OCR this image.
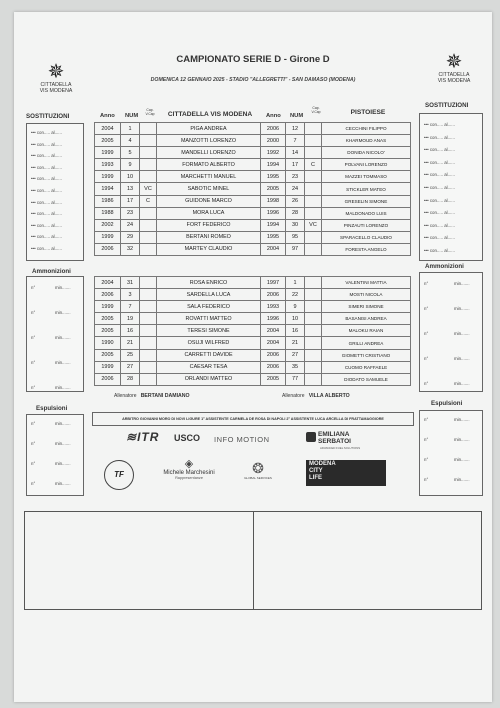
✵
CITTADELLA
VIS MODENA
✵
CITTADELLA
VIS MODENA
CAMPIONATO SERIE D - Girone D
DOMENICA 12 GENNAIO 2025 - STADIO "ALLEGRETTI" - SAN DAMASO (MODENA)
Anno NUM
Cap.
V.Cap	CITTADELLA VIS MODENA	Anno NUM
Cap.
V.Cap	PISTOIESE
SOSTITUZIONI
SOSTITUZIONI
••• con..... al......
••• con..... al......
••• con..... al......
••• con..... al......
••• con..... al......
••• con..... al......
••• con..... al......
••• con..... al......
••• con..... al......
••• con..... al......
••• con..... al......
••• con..... al......
••• con..... al......
••• con..... al......
••• con..... al......
••• con..... al......
••• con..... al......
••• con..... al......
••• con..... al......
••• con..... al......
••• con..... al......
••• con..... al......
2004	1		PIGA ANDREA	2006	12		CECCHINI FILIPPO
2005	4		MANZOTTI LORENZO	2000	7		KHARMOUD ANAS
1999	5		MANDELLI LORENZO	1992	14		DONIDA NICOLO'
1993	9		FORMATO ALBERTO	1994	17	C	POLVANI LORENZO
1999	10		MARCHETTI MANUEL	1995	23		MAZZEI TOMMASO
1994	13	VC	SABOTIC MINEL	2005	24		STICKLER MATEO
1986	17	C	GUIDONE MARCO	1998	26		GRESELIN SIMONE
1988	23		MORA LUCA	1996	28		MALDONADO LUIS
2002	24		FORT FEDERICO	1994	30	VC	PINZAUTI LORENZO
1999	29		BERTANI ROMEO	1995	95		SPARACELLO CLAUDIO
2006	32		MARTEY CLAUDIO	2004	97		FORESTA ANGELO
Ammonizioni
Ammonizioni
n°	min.......
n°	min.......
n°	min.......
n°	min.......
n°	min.......
n°	min.......
n°	min.......
n°	min.......
n°	min.......
n°	min.......
2004	31		ROSA ENRICO	1997	1		VALENTINI MATTIA
2006	3		SARDELLA LUCA	2006	22		MOSTI NICOLA
1999	7		SALA FEDERICO	1993	9		SIMERI SIMONE
2005	19		ROVATTI MATTEO	1996	10		BASANISI ANDREA
2005	16		TERESI SIMONE	2004	16		MALOKU RAIAN
1990	21		OSUJI WILFRED	2004	21		GRILLI ANDREA
2005	25		CARRETTI DAVIDE	2006	27		GIOMETTI CRISTIANO
1999	27		CAESAR TESA	2006	35		CUOMO RAFFAELE
2006	28		ORLANDI MATTEO	2005	77		DIODATO SAMUELE
Allenatore BERTANI DAMIANO	Allenatore VILLA ALBERTO
Espulsioni
Espulsioni
n°	min.......
n°	min.......
n°	min.......
n°	min.......
n°	min.......
n°	min.......
n°	min.......
n°	min.......
ARBITRO GIOVANNI MORO DI NOVI LIGURE 1° ASSISTENTE CARMELA DE ROSA DI NAPOLI 2° ASSISTENTE LUCA ARCELLA DI FRATTAMAGGIORE
≋ITR USCO INFO MOTION
EMILIANA
SERBATOI
ADVANCED FUEL SOLUTIONS
TF
◈
Michele Marchesini
Rappresentanze
❂
GLOBAL SERVICES
MODENA
CITY
LIFE
